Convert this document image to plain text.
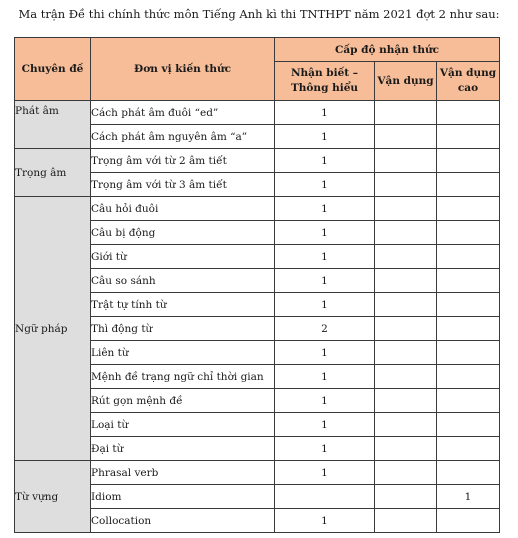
Ma trận Đề thi chính thức môn Tiếng Anh kì thi TNTHPT năm 2021 đợt 2 như sau:
Chuyên đề	Đơn vị kiến thức	Cấp độ nhận thức		
		Nhận biết – Thông hiểu	Vận dụng	Vận dụng cao
Phát âm	Cách phát âm đuôi “ed”	1		
	Cách phát âm nguyên âm “a”	1		
Trọng âm	Trọng âm với từ 2 âm tiết	1		
	Trọng âm với từ 3 âm tiết	1		
Ngữ pháp	Câu hỏi đuôi	1		
	Câu bị động	1		
	Giới từ	1		
	Câu so sánh	1		
	Trật tự tính từ	1		
	Thì động từ	2		
	Liên từ	1		
	Mệnh đề trạng ngữ chỉ thời gian	1		
	Rút gọn mệnh đề	1		
	Loại từ	1		
	Đại từ	1		
Từ vựng	Phrasal verb	1		
	Idiom			1
	Collocation	1		
